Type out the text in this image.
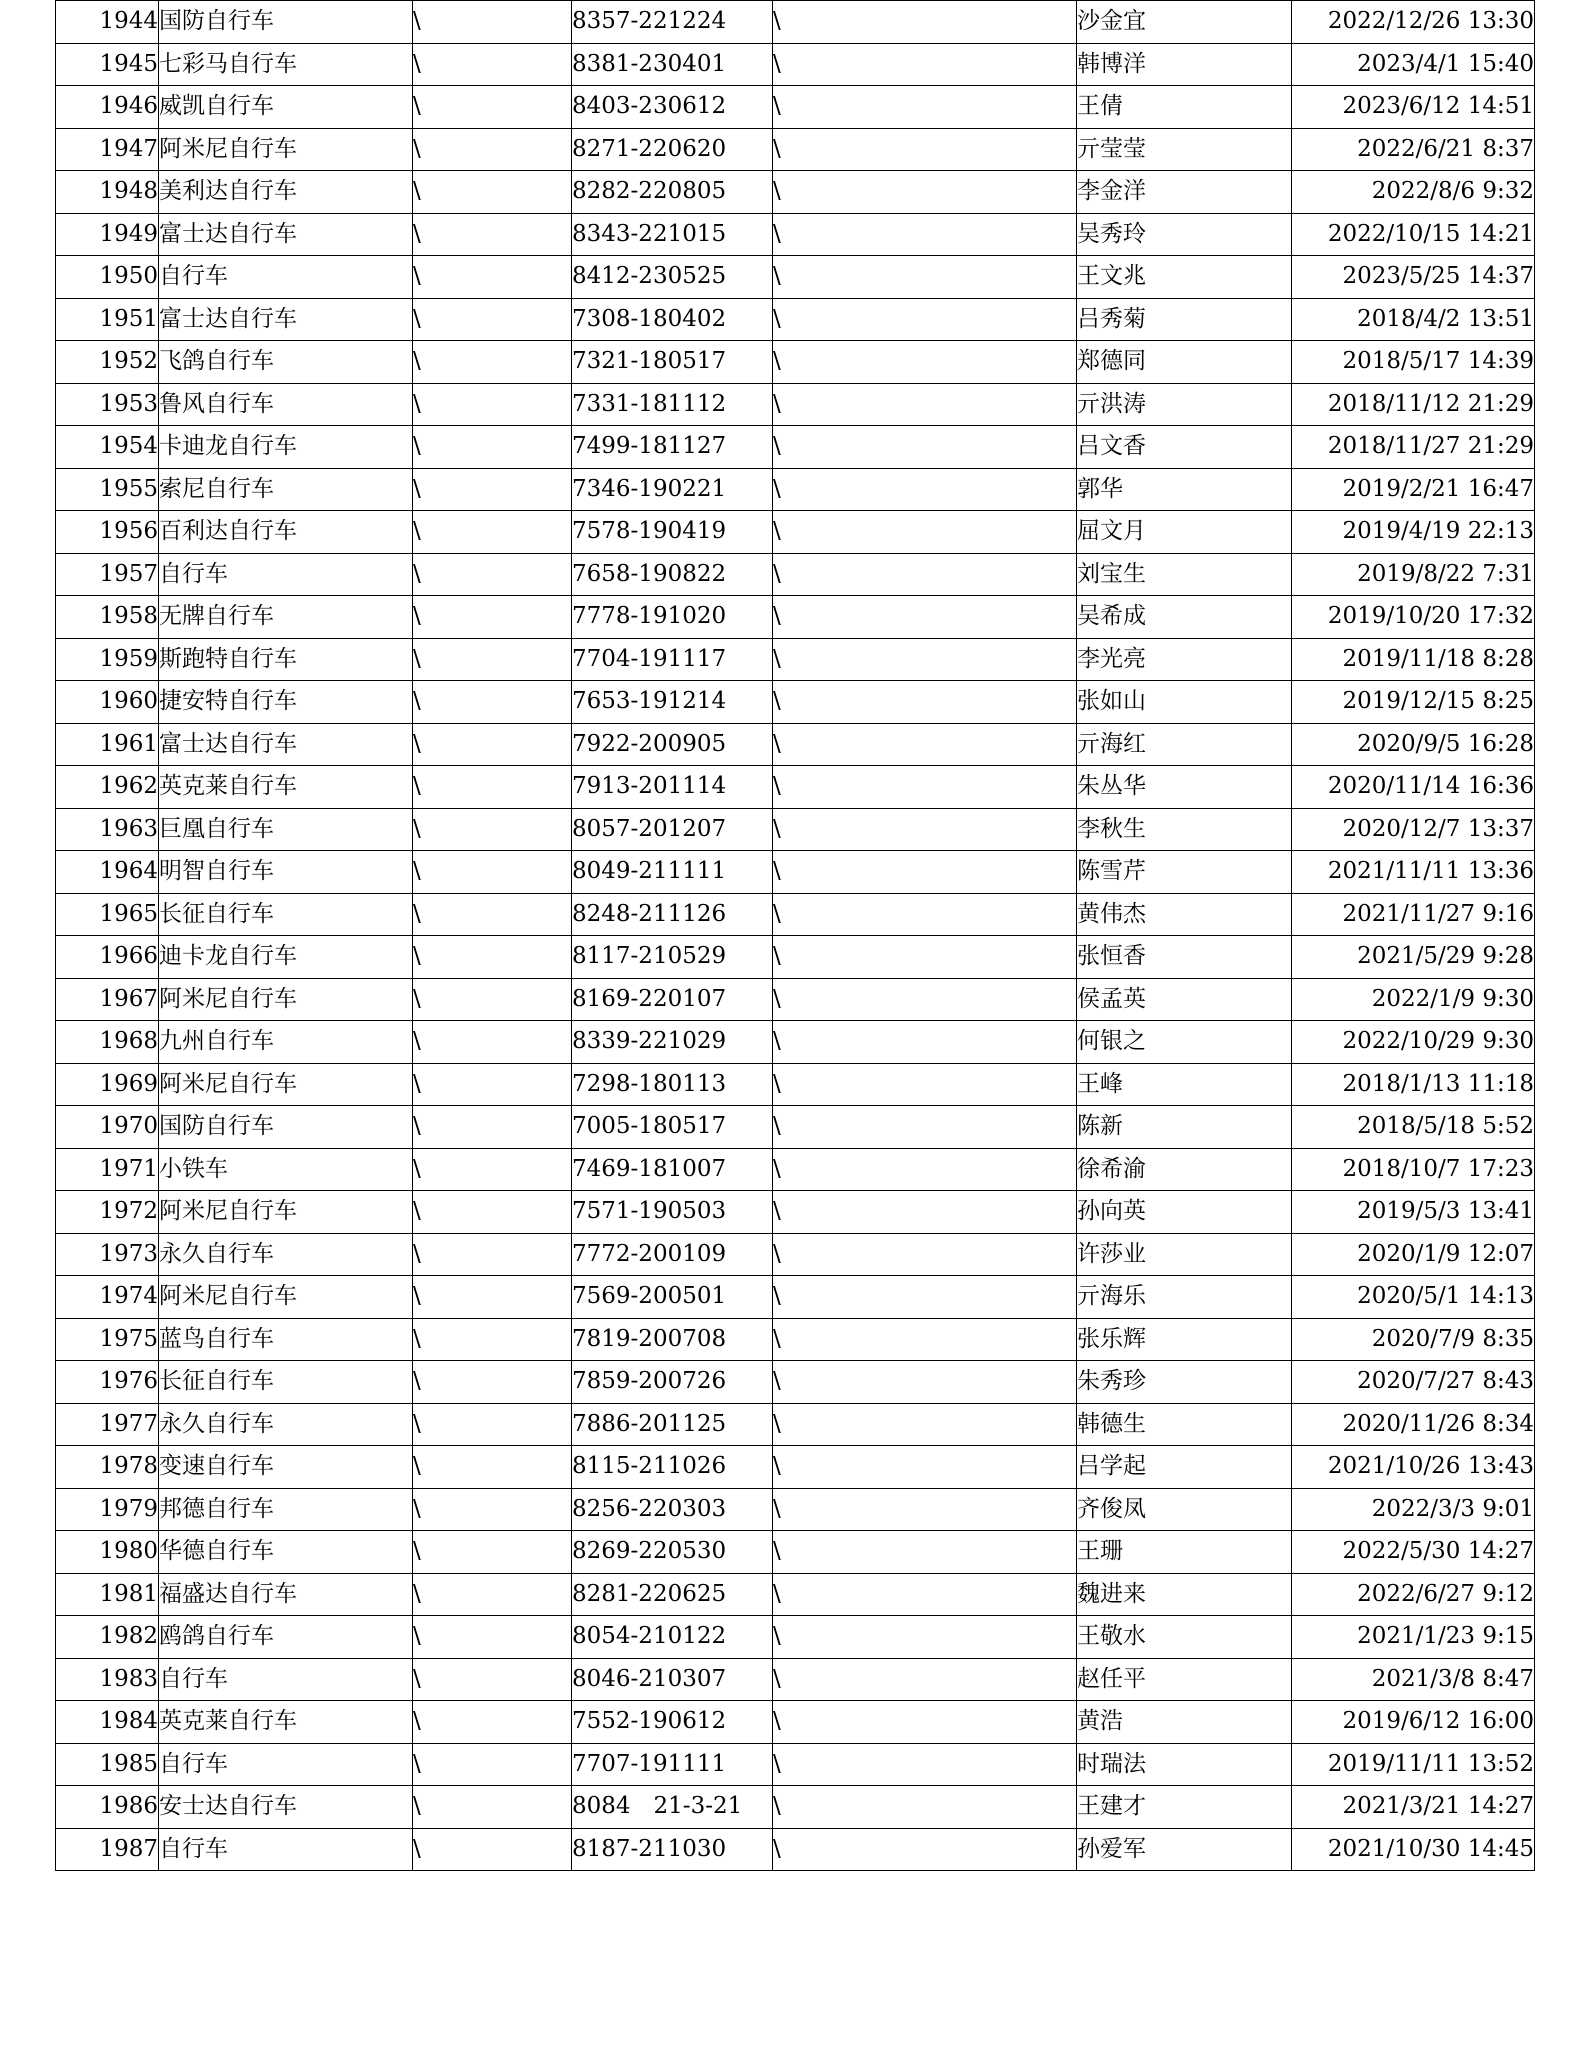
1944	国防自行车	\	8357-221224	\	沙金宜	2022/12/26 13:30
1945	七彩马自行车	\	8381-230401	\	韩博洋	2023/4/1 15:40
1946	威凯自行车	\	8403-230612	\	王倩	2023/6/12 14:51
1947	阿米尼自行车	\	8271-220620	\	亓莹莹	2022/6/21 8:37
1948	美利达自行车	\	8282-220805	\	李金洋	2022/8/6 9:32
1949	富士达自行车	\	8343-221015	\	吴秀玲	2022/10/15 14:21
1950	自行车	\	8412-230525	\	王文兆	2023/5/25 14:37
1951	富士达自行车	\	7308-180402	\	吕秀菊	2018/4/2 13:51
1952	飞鸽自行车	\	7321-180517	\	郑德同	2018/5/17 14:39
1953	鲁风自行车	\	7331-181112	\	亓洪涛	2018/11/12 21:29
1954	卡迪龙自行车	\	7499-181127	\	吕文香	2018/11/27 21:29
1955	索尼自行车	\	7346-190221	\	郭华	2019/2/21 16:47
1956	百利达自行车	\	7578-190419	\	屈文月	2019/4/19 22:13
1957	自行车	\	7658-190822	\	刘宝生	2019/8/22 7:31
1958	无牌自行车	\	7778-191020	\	吴希成	2019/10/20 17:32
1959	斯跑特自行车	\	7704-191117	\	李光亮	2019/11/18 8:28
1960	捷安特自行车	\	7653-191214	\	张如山	2019/12/15 8:25
1961	富士达自行车	\	7922-200905	\	亓海红	2020/9/5 16:28
1962	英克莱自行车	\	7913-201114	\	朱丛华	2020/11/14 16:36
1963	巨凰自行车	\	8057-201207	\	李秋生	2020/12/7 13:37
1964	明智自行车	\	8049-211111	\	陈雪芹	2021/11/11 13:36
1965	长征自行车	\	8248-211126	\	黄伟杰	2021/11/27 9:16
1966	迪卡龙自行车	\	8117-210529	\	张恒香	2021/5/29 9:28
1967	阿米尼自行车	\	8169-220107	\	侯孟英	2022/1/9 9:30
1968	九州自行车	\	8339-221029	\	何银之	2022/10/29 9:30
1969	阿米尼自行车	\	7298-180113	\	王峰	2018/1/13 11:18
1970	国防自行车	\	7005-180517	\	陈新	2018/5/18 5:52
1971	小铁车	\	7469-181007	\	徐希渝	2018/10/7 17:23
1972	阿米尼自行车	\	7571-190503	\	孙向英	2019/5/3 13:41
1973	永久自行车	\	7772-200109	\	许莎业	2020/1/9 12:07
1974	阿米尼自行车	\	7569-200501	\	亓海乐	2020/5/1 14:13
1975	蓝鸟自行车	\	7819-200708	\	张乐辉	2020/7/9 8:35
1976	长征自行车	\	7859-200726	\	朱秀珍	2020/7/27 8:43
1977	永久自行车	\	7886-201125	\	韩德生	2020/11/26 8:34
1978	变速自行车	\	8115-211026	\	吕学起	2021/10/26 13:43
1979	邦德自行车	\	8256-220303	\	齐俊凤	2022/3/3 9:01
1980	华德自行车	\	8269-220530	\	王珊	2022/5/30 14:27
1981	福盛达自行车	\	8281-220625	\	魏进来	2022/6/27 9:12
1982	鸥鸽自行车	\	8054-210122	\	王敬水	2021/1/23 9:15
1983	自行车	\	8046-210307	\	赵任平	2021/3/8 8:47
1984	英克莱自行车	\	7552-190612	\	黄浩	2019/6/12 16:00
1985	自行车	\	7707-191111	\	时瑞法	2019/11/11 13:52
1986	安士达自行车	\	8084　21-3-21	\	王建才	2021/3/21 14:27
1987	自行车	\	8187-211030	\	孙爱军	2021/10/30 14:45
